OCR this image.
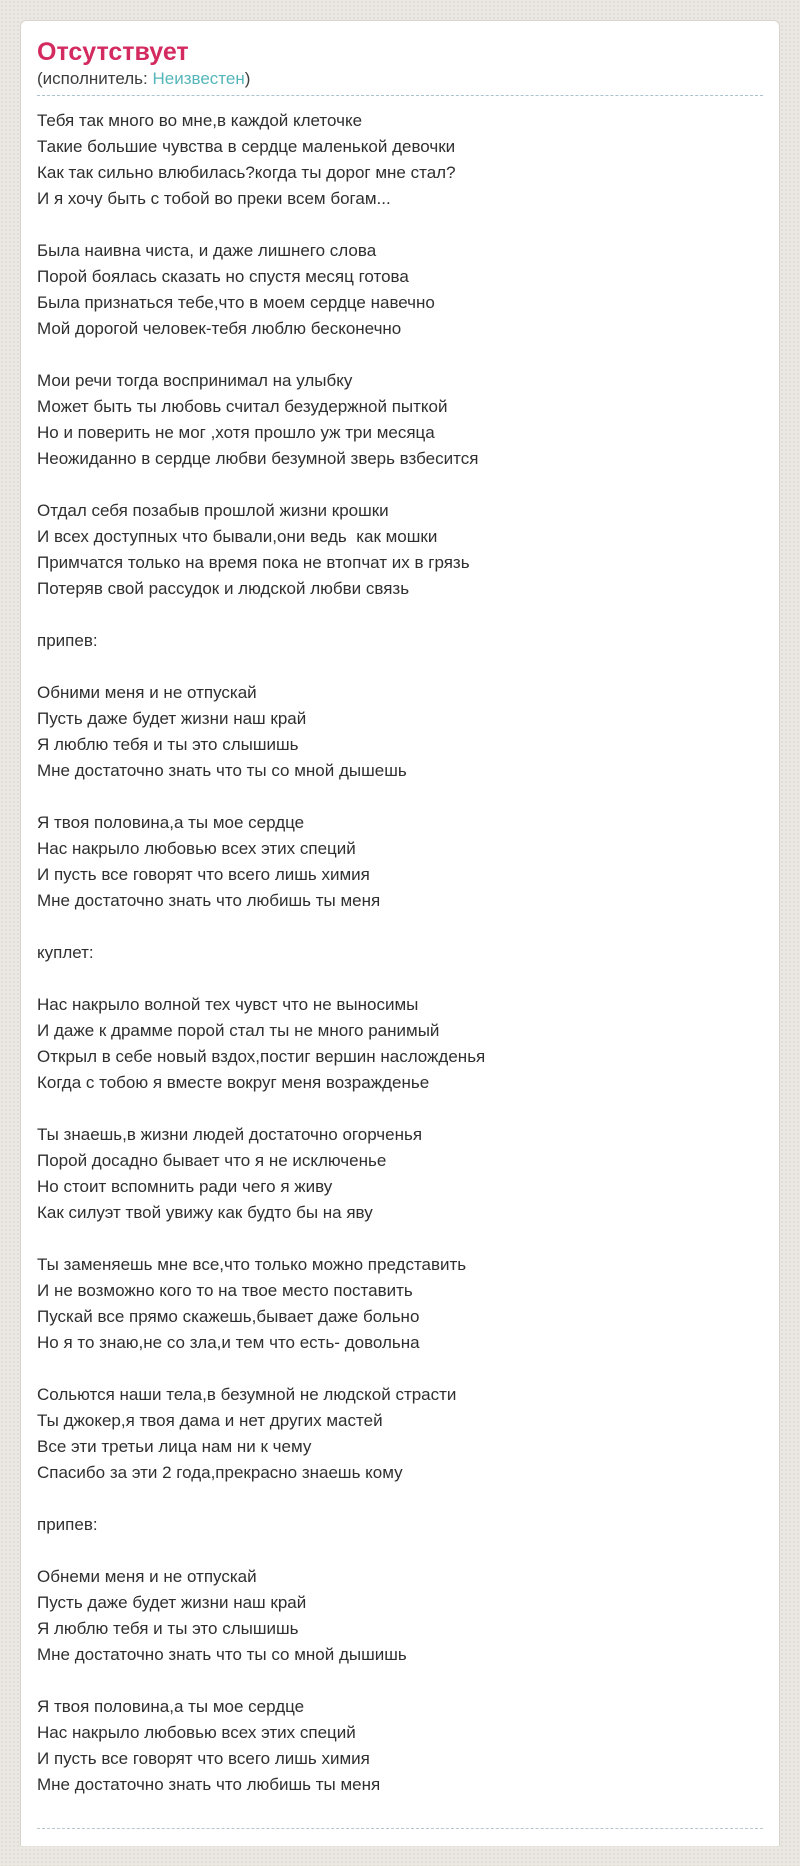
Отсутствует
(исполнитель: Неизвестен)

Тебя так много во мне,в каждой клеточке
Такие большие чувства в сердце маленькой девочки
Как так сильно влюбилась?когда ты дорог мне стал?
И я хочу быть с тобой во преки всем богам...

Была наивна чиста, и даже лишнего слова
Порой боялась сказать но спустя месяц готова
Была признаться тебе,что в моем сердце навечно
Мой дорогой человек-тебя люблю бесконечно

Мои речи тогда воспринимал на улыбку
Может быть ты любовь считал безудержной пыткой
Но и поверить не мог ,хотя прошло уж три месяца
Неожиданно в сердце любви безумной зверь взбесится

Отдал себя позабыв прошлой жизни крошки
И всех доступных что бывали,они ведь  как мошки
Примчатся только на время пока не втопчат их в грязь
Потеряв свой рассудок и людской любви связь

припев:

Обними меня и не отпускай
Пусть даже будет жизни наш край
Я люблю тебя и ты это слышишь
Мне достаточно знать что ты со мной дышешь

Я твоя половина,а ты мое сердце
Нас накрыло любовью всех этих специй
И пусть все говорят что всего лишь химия
Мне достаточно знать что любишь ты меня

куплет:

Нас накрыло волной тех чувст что не выносимы
И даже к драмме порой стал ты не много ранимый
Открыл в себе новый вздох,постиг вершин насложденья
Когда с тобою я вместе вокруг меня возражденье

Ты знаешь,в жизни людей достаточно огорченья
Порой досадно бывает что я не исключенье
Но стоит вспомнить ради чего я живу
Как силуэт твой увижу как будто бы на яву

Ты заменяешь мне все,что только можно представить
И не возможно кого то на твое место поставить
Пускай все прямо скажешь,бывает даже больно
Но я то знаю,не со зла,и тем что есть- довольна

Сольются наши тела,в безумной не людской страсти
Ты джокер,я твоя дама и нет других мастей
Все эти третьи лица нам ни к чему
Спасибо за эти 2 года,прекрасно знаешь кому

припев:

Обнеми меня и не отпускай
Пусть даже будет жизни наш край
Я люблю тебя и ты это слышишь
Мне достаточно знать что ты со мной дышишь

Я твоя половина,а ты мое сердце
Нас накрыло любовью всех этих специй
И пусть все говорят что всего лишь химия
Мне достаточно знать что любишь ты меня
